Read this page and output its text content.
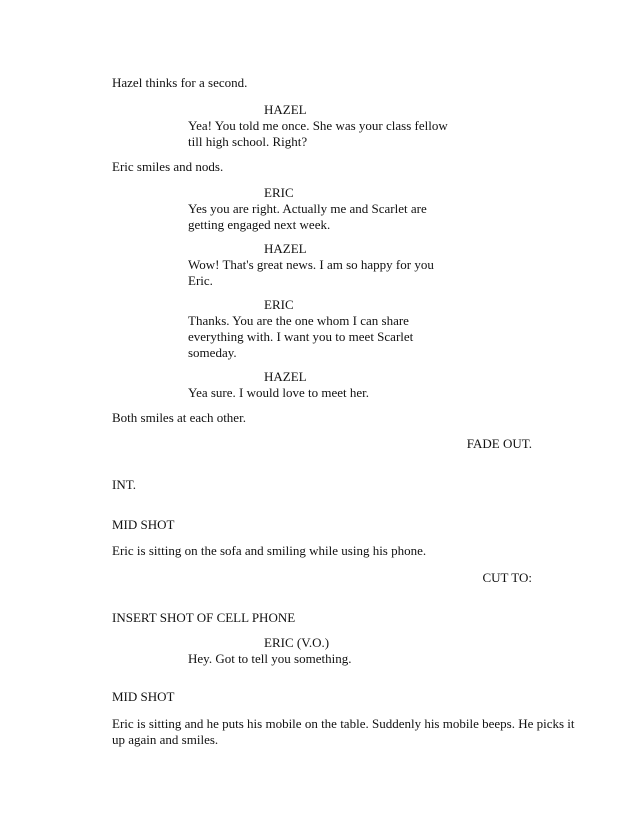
Hazel thinks for a second.
HAZEL
Yea! You told me once. She was your class fellow
till high school. Right?
Eric smiles and nods.
ERIC
Yes you are right. Actually me and Scarlet are
getting engaged next week.
HAZEL
Wow! That's great news. I am so happy for you
Eric.
ERIC
Thanks. You are the one whom I can share
everything with. I want you to meet Scarlet
someday.
HAZEL
Yea sure. I would love to meet her.
Both smiles at each other.
FADE OUT.
INT.
MID SHOT
Eric is sitting on the sofa and smiling while using his phone.
CUT TO:
INSERT SHOT OF CELL PHONE
ERIC (V.O.)
Hey. Got to tell you something.
MID SHOT
Eric is sitting and he puts his mobile on the table. Suddenly his mobile beeps. He picks it
up again and smiles.
